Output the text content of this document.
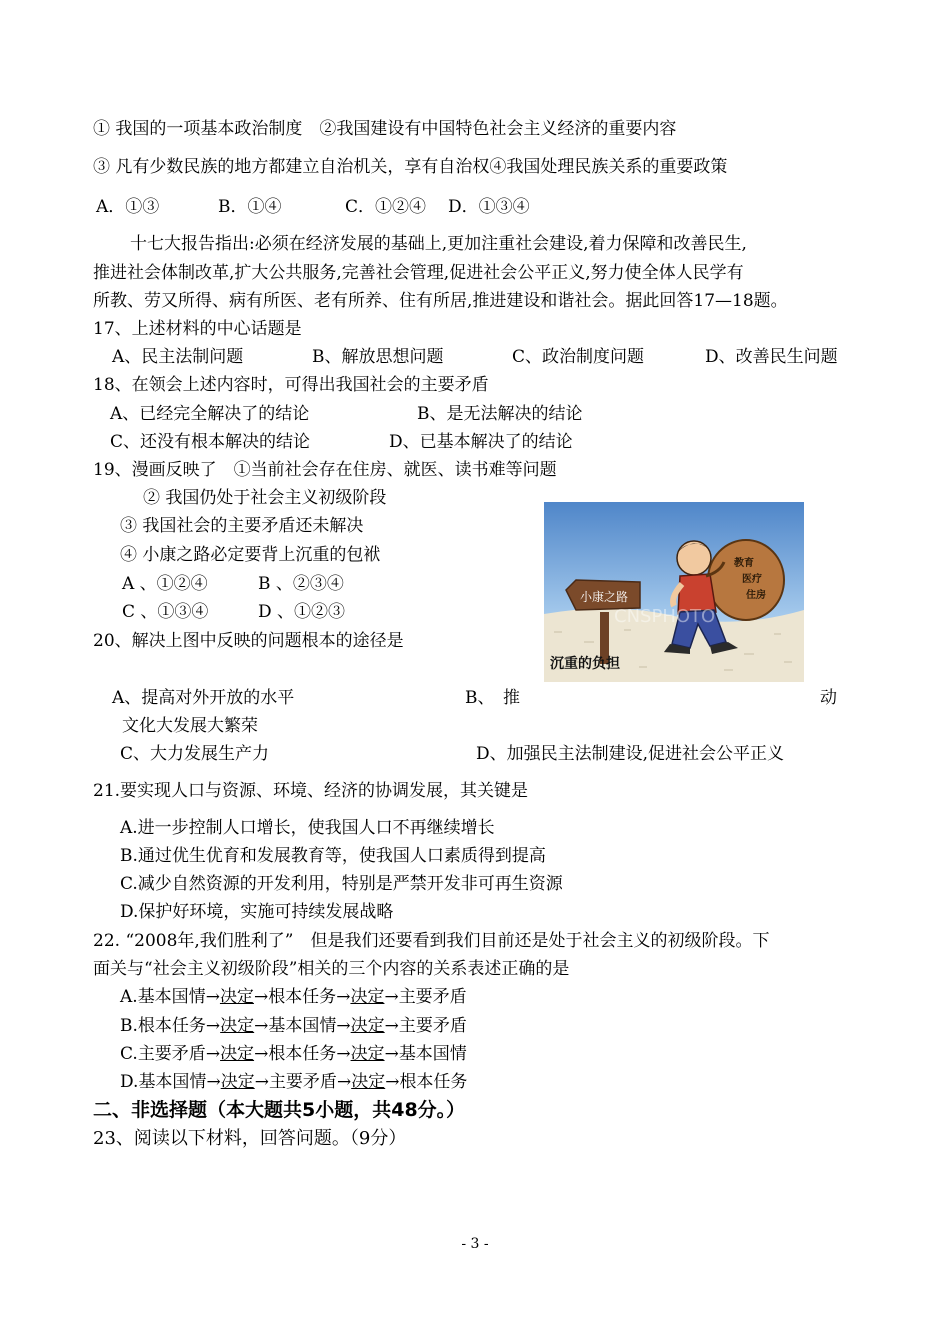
① 我国的一项基本政治制度　②我国建设有中国特色社会主义经济的重要内容
③ 凡有少数民族的地方都建立自治机关，享有自治权④我国处理民族关系的重要政策
A．①③	B．①④	C．①②④ D．①③④
十七大报告指出:必须在经济发展的基础上,更加注重社会建设,着力保障和改善民生,
推进社会体制改革,扩大公共服务,完善社会管理,促进社会公平正义,努力使全体人民学有
所教、劳又所得、病有所医、老有所养、住有所居,推进建设和谐社会。据此回答17—18题。
17、上述材料的中心话题是
A、民主法制问题	B、解放思想问题	C、政治制度问题	D、改善民生问题
18、在领会上述内容时，可得出我国社会的主要矛盾
A、已经完全解决了的结论	B、是无法解决的结论
C、还没有根本解决的结论	D、已基本解决了的结论
19、漫画反映了　①当前社会存在住房、就医、读书难等问题
② 我国仍处于社会主义初级阶段
③ 我国社会的主要矛盾还未解决
④ 小康之路必定要背上沉重的包袱
A 、①②④	B 、②③④
C 、①③④	D 、①②③
小康之路
教育
医疗
住房
CNSPHOTO
沉重的负担
20、解决上图中反映的问题根本的途径是
A、提高对外开放的水平	B、　推	动
文化大发展大繁荣
C、大力发展生产力	D、加强民主法制建设,促进社会公平正义
21.要实现人口与资源、环境、经济的协调发展，其关键是
A.进一步控制人口增长，使我国人口不再继续增长
B.通过优生优育和发展教育等，使我国人口素质得到提高
C.减少自然资源的开发利用，特别是严禁开发非可再生资源
D.保护好环境，实施可持续发展战略
22. “2008年,我们胜利了”　但是我们还要看到我们目前还是处于社会主义的初级阶段。下
面关与“社会主义初级阶段”相关的三个内容的关系表述正确的是
A.基本国情→决定→根本任务→决定→主要矛盾
B.根本任务→决定→基本国情→决定→主要矛盾
C.主要矛盾→决定→根本任务→决定→基本国情
D.基本国情→决定→主要矛盾→决定→根本任务
二、非选择题（本大题共5小题，共48分。）
23、阅读以下材料，回答问题。（9分）
- 3 -
